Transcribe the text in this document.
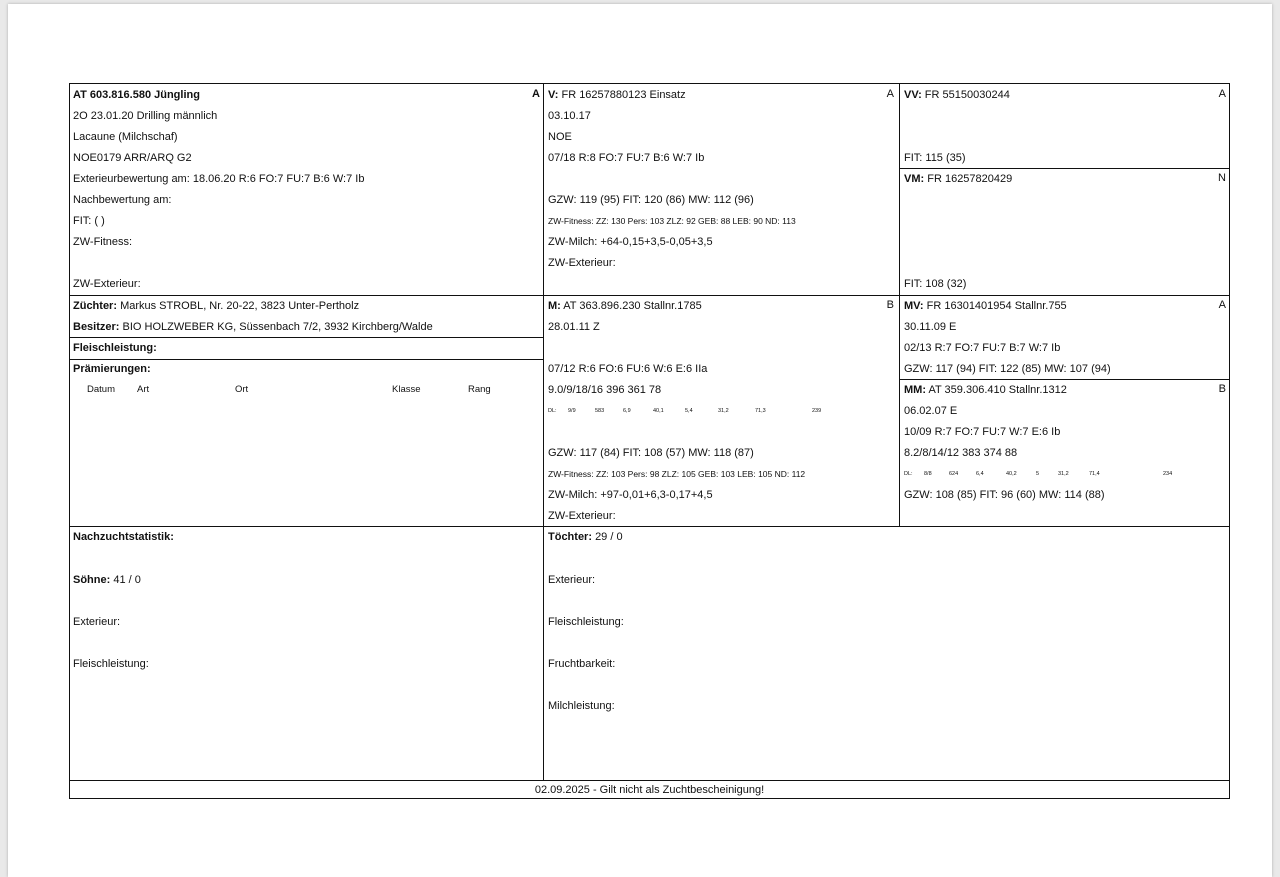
AT 603.816.580 Jüngling	A
2O 23.01.20 Drilling männlich
Lacaune (Milchschaf)
NOE0179 ARR/ARQ G2
Exterieurbewertung am: 18.06.20 R:6 FO:7 FU:7 B:6 W:7 Ib
Nachbewertung am:
FIT: ( )
ZW-Fitness:
ZW-Exterieur:
V: FR 16257880123 Einsatz	A
03.10.17
NOE
07/18 R:8 FO:7 FU:7 B:6 W:7 Ib
GZW: 119 (95) FIT: 120 (86) MW: 112 (96)
ZW-Fitness: ZZ: 130 Pers: 103 ZLZ: 92 GEB: 88 LEB: 90 ND: 113
ZW-Milch: +64-0,15+3,5-0,05+3,5
ZW-Exterieur:
VV: FR 55150030244	A
FIT: 115 (35)
VM: FR 16257820429	N
FIT: 108 (32)
Züchter: Markus STROBL, Nr. 20-22, 3823 Unter-Pertholz
Besitzer: BIO HOLZWEBER KG, Süssenbach 7/2, 3932 Kirchberg/Walde
Fleischleistung:
Prämierungen:
Datum Art	Ort	Klasse	Rang
M: AT 363.896.230 Stallnr.1785	B
28.01.11 Z
07/12 R:6 FO:6 FU:6 W:6 E:6 IIa
9.0/9/18/16 396 361 78
DL: 9/9	583	6,9	40,1	5,4	31,2	71,3	239
GZW: 117 (84) FIT: 108 (57) MW: 118 (87)
ZW-Fitness: ZZ: 103 Pers: 98 ZLZ: 105 GEB: 103 LEB: 105 ND: 112
ZW-Milch: +97-0,01+6,3-0,17+4,5
ZW-Exterieur:
MV: FR 16301401954 Stallnr.755	A
30.11.09 E
02/13 R:7 FO:7 FU:7 B:7 W:7 Ib
GZW: 117 (94) FIT: 122 (85) MW: 107 (94)
MM: AT 359.306.410 Stallnr.1312	B
06.02.07 E
10/09 R:7 FO:7 FU:7 W:7 E:6 Ib
8.2/8/14/12 383 374 88
DL: 8/8	624	6,4	40,2	5	31,2	71,4	234
GZW: 108 (85) FIT: 96 (60) MW: 114 (88)
Nachzuchtstatistik:
Söhne: 41 / 0
Exterieur:
Fleischleistung:
Töchter: 29 / 0
Exterieur:
Fleischleistung:
Fruchtbarkeit:
Milchleistung:
02.09.2025 - Gilt nicht als Zuchtbescheinigung!
